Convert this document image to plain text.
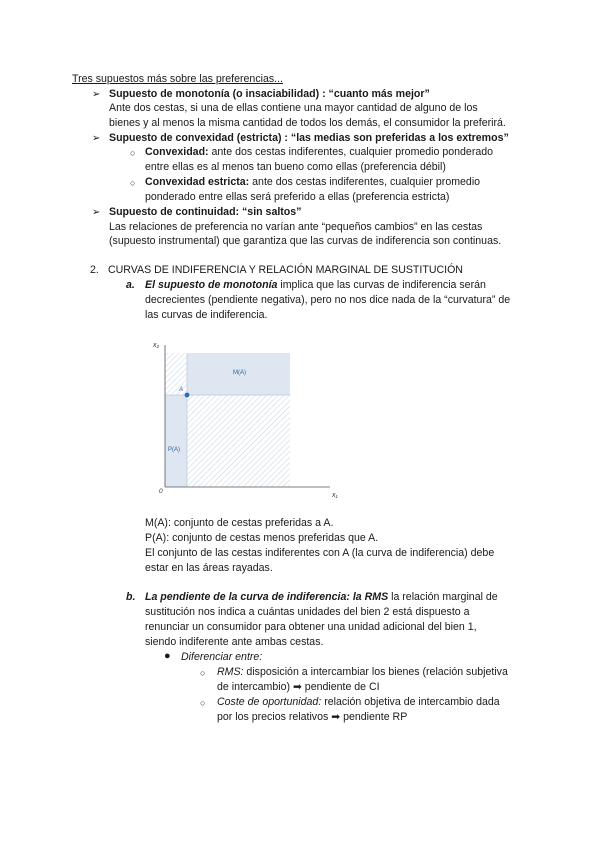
Tres supuestos más sobre las preferencias...
➢ Supuesto de monotonía (o insaciabilidad) : “cuanto más mejor”
Ante dos cestas, si una de ellas contiene una mayor cantidad de alguno de los
bienes y al menos la misma cantidad de todos los demás, el consumidor la preferirá.
➢ Supuesto de convexidad (estricta) : “las medias son preferidas a los extremos”
○ Convexidad: ante dos cestas indiferentes, cualquier promedio ponderado
entre ellas es al menos tan bueno como ellas (preferencia débil)
○ Convexidad estricta: ante dos cestas indiferentes, cualquier promedio
ponderado entre ellas será preferido a ellas (preferencia estricta)
➢ Supuesto de continuidad: “sin saltos”
Las relaciones de preferencia no varían ante “pequeños cambios” en las cestas
(supuesto instrumental) que garantiza que las curvas de indiferencia son continuas.
2. CURVAS DE INDIFERENCIA Y RELACIÓN MARGINAL DE SUSTITUCIÓN
a. El supuesto de monotonía implica que las curvas de indiferencia serán
decrecientes (pendiente negativa), pero no nos dice nada de la “curvatura” de
las curvas de indiferencia.
x₂
x₁
0
A
M(A)
P(A)
M(A): conjunto de cestas preferidas a A.
P(A): conjunto de cestas menos preferidas que A.
El conjunto de las cestas indiferentes con A (la curva de indiferencia) debe
estar en las áreas rayadas.
b. La pendiente de la curva de indiferencia: la RMS la relación marginal de
sustitución nos indica a cuántas unidades del bien 2 está dispuesto a
renunciar un consumidor para obtener una unidad adicional del bien 1,
siendo indiferente ante ambas cestas.
● Diferenciar entre:
○ RMS: disposición a intercambiar los bienes (relación subjetiva
de intercambio) ➡ pendiente de CI
○ Coste de oportunidad: relación objetiva de intercambio dada
por los precios relativos ➡ pendiente RP
